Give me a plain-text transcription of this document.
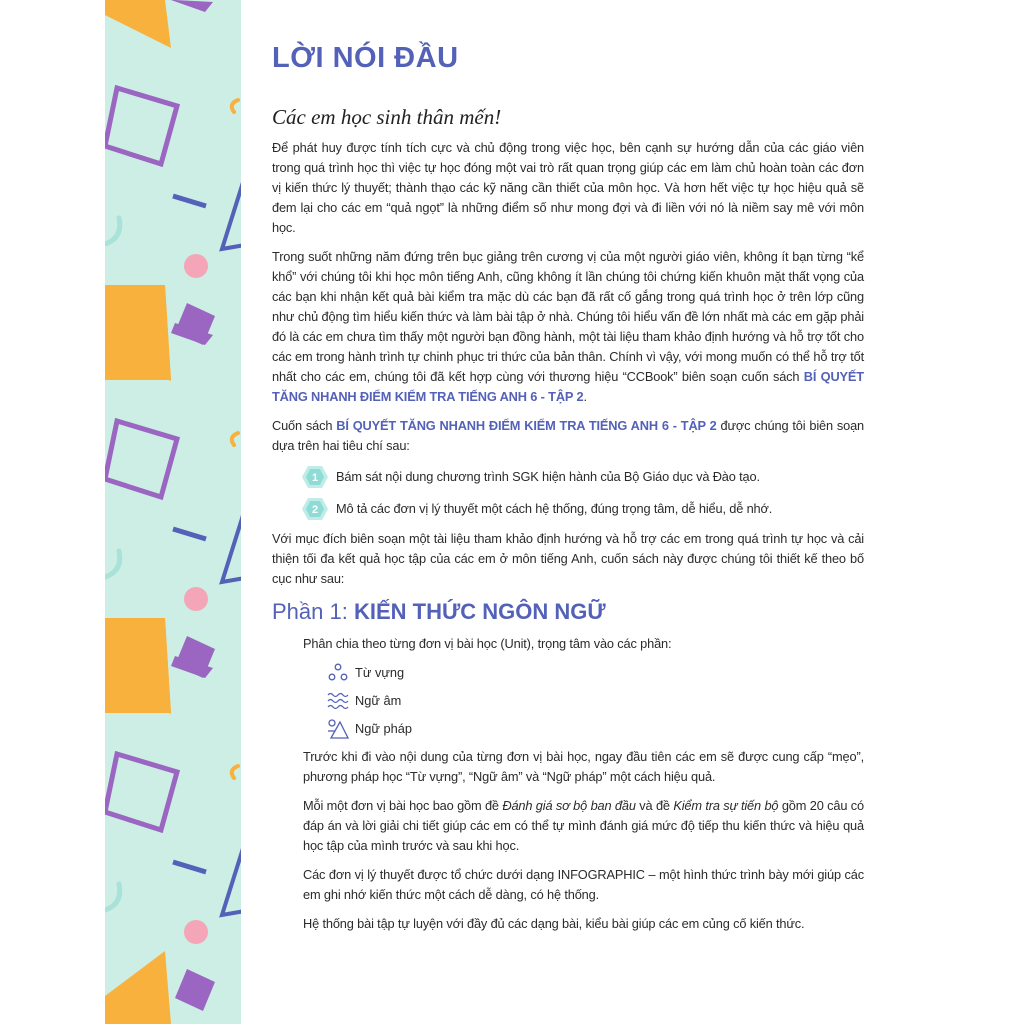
LỜI NÓI ĐẦU
Các em học sinh thân mến!

Để phát huy được tính tích cực và chủ động trong việc học, bên cạnh sự hướng dẫn của các giáo viên trong quá trình học thì việc tự học đóng một vai trò rất quan trọng giúp các em làm chủ hoàn toàn các đơn vị kiến thức lý thuyết; thành thạo các kỹ năng cần thiết của môn học. Và hơn hết việc tự học hiệu quả sẽ đem lại cho các em “quả ngọt” là những điểm số như mong đợi và đi liền với nó là niềm say mê với môn học.

Trong suốt những năm đứng trên bục giảng trên cương vị của một người giáo viên, không ít bạn từng “kể khổ” với chúng tôi khi học môn tiếng Anh, cũng không ít lần chúng tôi chứng kiến khuôn mặt thất vọng của các bạn khi nhận kết quả bài kiểm tra mặc dù các bạn đã rất cố gắng trong quá trình học ở trên lớp cũng như chủ động tìm hiểu kiến thức và làm bài tập ở nhà. Chúng tôi hiểu vấn đề lớn nhất mà các em gặp phải đó là các em chưa tìm thấy một người bạn đồng hành, một tài liệu tham khảo định hướng và hỗ trợ tốt cho các em trong hành trình tự chinh phục tri thức của bản thân. Chính vì vậy, với mong muốn có thể hỗ trợ tốt nhất cho các em, chúng tôi đã kết hợp cùng với thương hiệu “CCBook” biên soạn cuốn sách BÍ QUYẾT TĂNG NHANH ĐIỂM KIỂM TRA TIẾNG ANH 6 - TẬP 2.

Cuốn sách BÍ QUYẾT TĂNG NHANH ĐIỂM KIỂM TRA TIẾNG ANH 6 - TẬP 2 được chúng tôi biên soạn dựa trên hai tiêu chí sau:

1 Bám sát nội dung chương trình SGK hiện hành của Bộ Giáo dục và Đào tạo.
2 Mô tả các đơn vị lý thuyết một cách hệ thống, đúng trọng tâm, dễ hiểu, dễ nhớ.

Với mục đích biên soạn một tài liệu tham khảo định hướng và hỗ trợ các em trong quá trình tự học và cải thiện tối đa kết quả học tập của các em ở môn tiếng Anh, cuốn sách này được chúng tôi thiết kế theo bố cục như sau:

Phần 1: KIẾN THỨC NGÔN NGỮ

Phân chia theo từng đơn vị bài học (Unit), trọng tâm vào các phần:

Từ vựng
Ngữ âm
Ngữ pháp

Trước khi đi vào nội dung của từng đơn vị bài học, ngay đầu tiên các em sẽ được cung cấp “mẹo”, phương pháp học “Từ vựng”, “Ngữ âm” và “Ngữ pháp” một cách hiệu quả.

Mỗi một đơn vị bài học bao gồm đề Đánh giá sơ bộ ban đầu và đề Kiểm tra sự tiến bộ gồm 20 câu có đáp án và lời giải chi tiết giúp các em có thể tự mình đánh giá mức độ tiếp thu kiến thức và hiệu quả học tập của mình trước và sau khi học.

Các đơn vị lý thuyết được tổ chức dưới dạng INFOGRAPHIC – một hình thức trình bày mới giúp các em ghi nhớ kiến thức một cách dễ dàng, có hệ thống.

Hệ thống bài tập tự luyện với đầy đủ các dạng bài, kiểu bài giúp các em củng cố kiến thức.
